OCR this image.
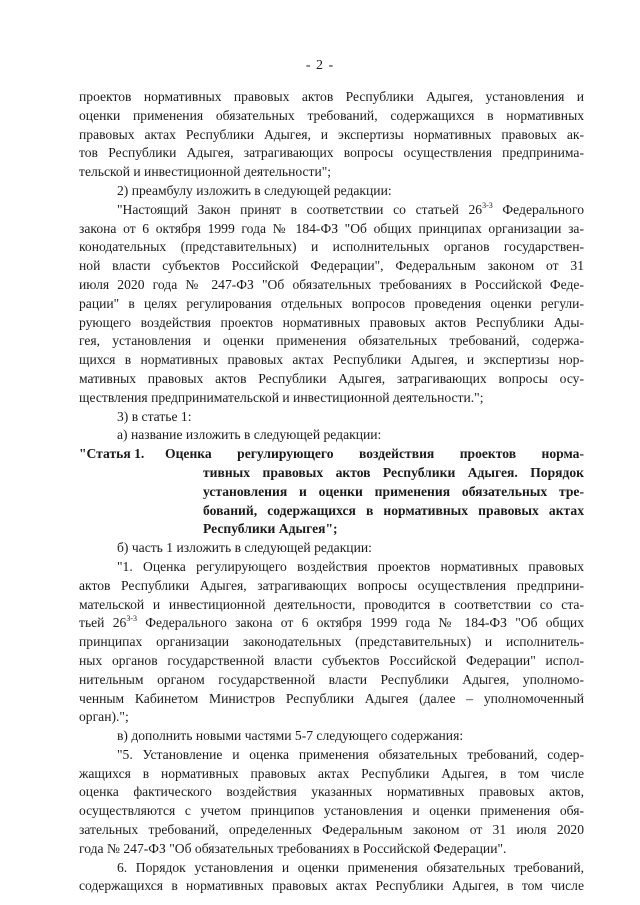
- 2 -
проектов нормативных правовых актов Республики Адыгея, установления и
оценки применения обязательных требований, содержащихся в нормативных
правовых актах Республики Адыгея, и экспертизы нормативных правовых ак-
тов Республики Адыгея, затрагивающих вопросы осуществления предпринима-
тельской и инвестиционной деятельности";
2) преамбулу изложить в следующей редакции:
"Настоящий Закон принят в соответствии со статьей 26$^{3-3}$ Федерального
закона от 6 октября 1999 года № 184-ФЗ "Об общих принципах организации за-
конодательных (представительных) и исполнительных органов государствен-
ной власти субъектов Российской Федерации", Федеральным законом от 31
июля 2020 года № 247-ФЗ "Об обязательных требованиях в Российской Феде-
рации" в целях регулирования отдельных вопросов проведения оценки регули-
рующего воздействия проектов нормативных правовых актов Республики Ады-
гея, установления и оценки применения обязательных требований, содержа-
щихся в нормативных правовых актах Республики Адыгея, и экспертизы нор-
мативных правовых актов Республики Адыгея, затрагивающих вопросы осу-
ществления предпринимательской и инвестиционной деятельности.";
3) в статье 1:
а) название изложить в следующей редакции:
"Статья 1. Оценка регулирующего воздействия проектов норма-
тивных правовых актов Республики Адыгея. Порядок
установления и оценки применения обязательных тре-
бований, содержащихся в нормативных правовых актах
Республики Адыгея";
б) часть 1 изложить в следующей редакции:
"1. Оценка регулирующего воздействия проектов нормативных правовых
актов Республики Адыгея, затрагивающих вопросы осуществления предприни-
мательской и инвестиционной деятельности, проводится в соответствии со ста-
тьей 26$^{3-3}$ Федерального закона от 6 октября 1999 года № 184-ФЗ "Об общих
принципах организации законодательных (представительных) и исполнитель-
ных органов государственной власти субъектов Российской Федерации" испол-
нительным органом государственной власти Республики Адыгея, уполномо-
ченным Кабинетом Министров Республики Адыгея (далее – уполномоченный
орган).";
в) дополнить новыми частями 5-7 следующего содержания:
"5. Установление и оценка применения обязательных требований, содер-
жащихся в нормативных правовых актах Республики Адыгея, в том числе
оценка фактического воздействия указанных нормативных правовых актов,
осуществляются с учетом принципов установления и оценки применения обя-
зательных требований, определенных Федеральным законом от 31 июля 2020
года № 247-ФЗ "Об обязательных требованиях в Российской Федерации".
6. Порядок установления и оценки применения обязательных требований,
содержащихся в нормативных правовых актах Республики Адыгея, в том числе
